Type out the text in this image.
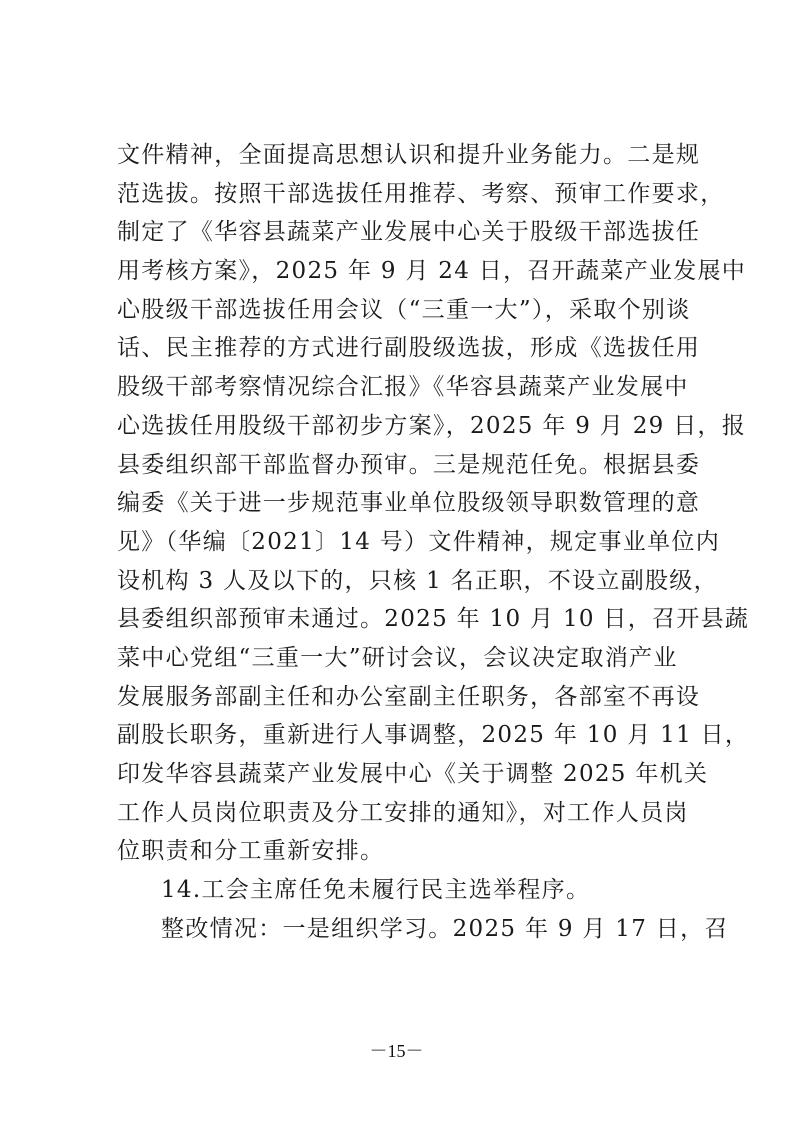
文件精神，全面提高思想认识和提升业务能力。二是规
范选拔。按照干部选拔任用推荐、考察、预审工作要求，
制定了《华容县蔬菜产业发展中心关于股级干部选拔任
用考核方案》，2025 年 9 月 24 日，召开蔬菜产业发展中
心股级干部选拔任用会议（“三重一大”），采取个别谈
话、民主推荐的方式进行副股级选拔，形成《选拔任用
股级干部考察情况综合汇报》《华容县蔬菜产业发展中
心选拔任用股级干部初步方案》，2025 年 9 月 29 日，报
县委组织部干部监督办预审。三是规范任免。根据县委
编委《关于进一步规范事业单位股级领导职数管理的意
见》（华编〔2021〕14 号）文件精神，规定事业单位内
设机构 3 人及以下的，只核 1 名正职，不设立副股级，
县委组织部预审未通过。2025 年 10 月 10 日，召开县蔬
菜中心党组“三重一大”研讨会议，会议决定取消产业
发展服务部副主任和办公室副主任职务，各部室不再设
副股长职务，重新进行人事调整，2025 年 10 月 11 日，
印发华容县蔬菜产业发展中心《关于调整 2025 年机关
工作人员岗位职责及分工安排的通知》，对工作人员岗
位职责和分工重新安排。
14.工会主席任免未履行民主选举程序。
整改情况：一是组织学习。2025 年 9 月 17 日，召
－15－
